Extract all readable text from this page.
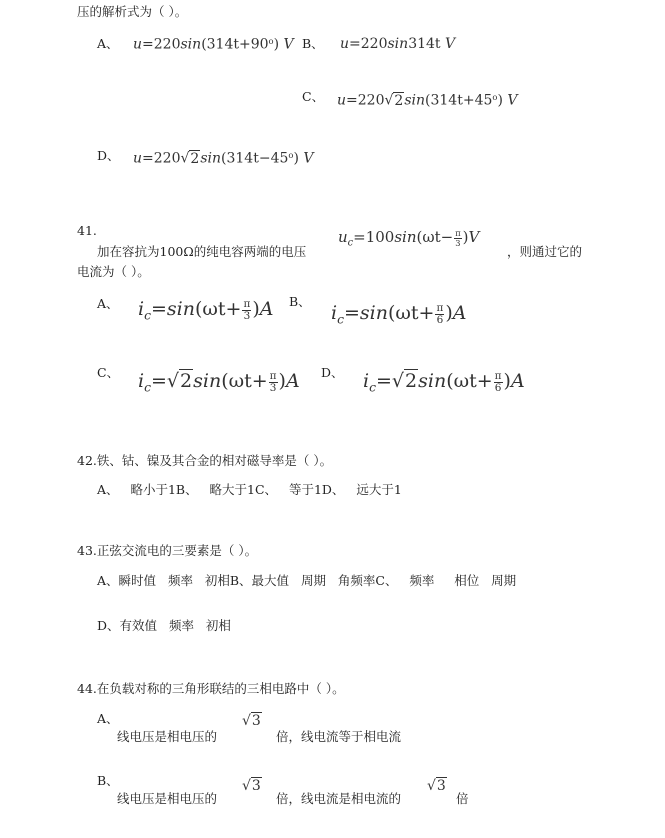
压的解析式为（ ）。
A、 $u=220\sin(314t+90^o)$ V B、 u=220sin314t V
C、 $u=220√2\sin(314t+45^o)$ V
D、 $u=220√2\sin(314t-45^o)$ V
41.
加在容抗为100Ω的纯电容两端的电压
$u_c=100\sin(\omega t- \frac{\pi}{3} )V$
，则通过它的
电流为（ ）。
A、 $i_c=\sin(\omega t+ \frac{\pi}{3} )A$ B、
$i_c=\sin(\omega t+ \frac{\pi}{6} )A$
C、 $i_c=√2\sin(\omega t+ \frac{\pi}{3} )A$ D、 $i_c=√2\sin(\omega t+ \frac{\pi}{6} )A$
42.铁、钴、镍及其合金的相对磁导率是（ ）。
A、   略小于1B、   略大于1C、   等于1D、   远大于1
43.正弦交流电的三要素是（ ）。
A、瞬时值   频率   初相B、最大值   周期   角频率C、   频率     相位   周期
D、有效值   频率   初相
44.在负载对称的三角形联结的三相电路中（ ）。
A、
线电压是相电压的
√3
倍，线电流等于相电流
B、
线电压是相电压的
√3
倍，线电流是相电流的
√3
倍
